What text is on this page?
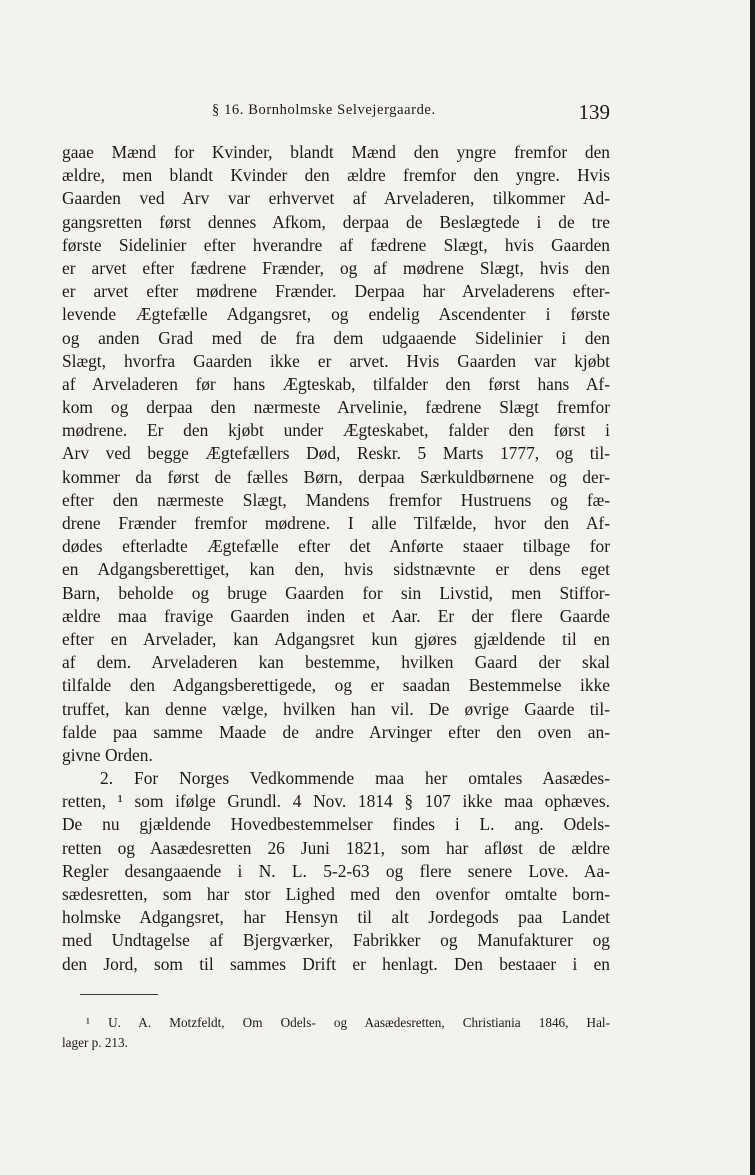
§ 16. Bornholmske Selvejergaarde.	139
gaae Mænd for Kvinder, blandt Mænd den yngre fremfor den
ældre, men blandt Kvinder den ældre fremfor den yngre. Hvis
Gaarden ved Arv var erhvervet af Arveladeren, tilkommer Ad-
gangsretten først dennes Afkom, derpaa de Beslægtede i de tre
første Sidelinier efter hverandre af fædrene Slægt, hvis Gaarden
er arvet efter fædrene Frænder, og af mødrene Slægt, hvis den
er arvet efter mødrene Frænder. Derpaa har Arveladerens efter-
levende Ægtefælle Adgangsret, og endelig Ascendenter i første
og anden Grad med de fra dem udgaaende Sidelinier i den
Slægt, hvorfra Gaarden ikke er arvet. Hvis Gaarden var kjøbt
af Arveladeren før hans Ægteskab, tilfalder den først hans Af-
kom og derpaa den nærmeste Arvelinie, fædrene Slægt fremfor
mødrene. Er den kjøbt under Ægteskabet, falder den først i
Arv ved begge Ægtefællers Død, Reskr. 5 Marts 1777, og til-
kommer da først de fælles Børn, derpaa Særkuldbørnene og der-
efter den nærmeste Slægt, Mandens fremfor Hustruens og fæ-
drene Frænder fremfor mødrene. I alle Tilfælde, hvor den Af-
dødes efterladte Ægtefælle efter det Anførte staaer tilbage for
en Adgangsberettiget, kan den, hvis sidstnævnte er dens eget
Barn, beholde og bruge Gaarden for sin Livstid, men Stiffor-
ældre maa fravige Gaarden inden et Aar. Er der flere Gaarde
efter en Arvelader, kan Adgangsret kun gjøres gjældende til en
af dem. Arveladeren kan bestemme, hvilken Gaard der skal
tilfalde den Adgangsberettigede, og er saadan Bestemmelse ikke
truffet, kan denne vælge, hvilken han vil. De øvrige Gaarde til-
falde paa samme Maade de andre Arvinger efter den oven an-
givne Orden.
2. For Norges Vedkommende maa her omtales Aasædes-
retten, ¹ som ifølge Grundl. 4 Nov. 1814 § 107 ikke maa ophæves.
De nu gjældende Hovedbestemmelser findes i L. ang. Odels-
retten og Aasædesretten 26 Juni 1821, som har afløst de ældre
Regler desangaaende i N. L. 5-2-63 og flere senere Love. Aa-
sædesretten, som har stor Lighed med den ovenfor omtalte born-
holmske Adgangsret, har Hensyn til alt Jordegods paa Landet
med Undtagelse af Bjergværker, Fabrikker og Manufakturer og
den Jord, som til sammes Drift er henlagt. Den bestaaer i en
¹ U. A. Motzfeldt, Om Odels- og Aasædesretten, Christiania 1846, Hal-
lager p. 213.
